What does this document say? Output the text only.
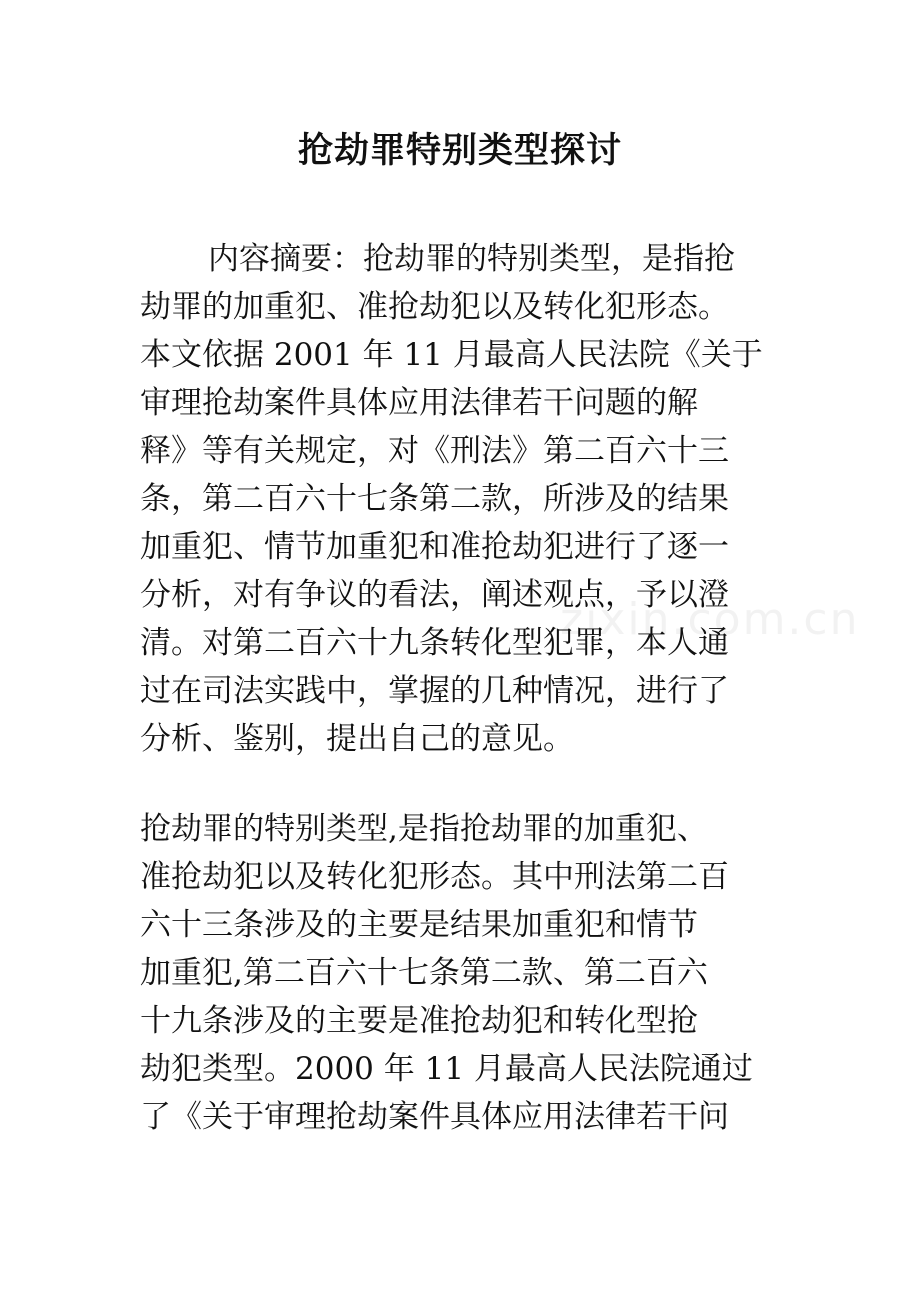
抢劫罪特别类型探讨
zixin.com.cn
内容摘要：抢劫罪的特别类型，是指抢
劫罪的加重犯、准抢劫犯以及转化犯形态。
本文依据 2001 年 11 月最高人民法院《关于
审理抢劫案件具体应用法律若干问题的解
释》等有关规定，对《刑法》第二百六十三
条，第二百六十七条第二款，所涉及的结果
加重犯、情节加重犯和准抢劫犯进行了逐一
分析，对有争议的看法，阐述观点，予以澄
清。对第二百六十九条转化型犯罪，本人通
过在司法实践中，掌握的几种情况，进行了
分析、鉴别，提出自己的意见。
抢劫罪的特别类型,是指抢劫罪的加重犯、
准抢劫犯以及转化犯形态。其中刑法第二百
六十三条涉及的主要是结果加重犯和情节
加重犯,第二百六十七条第二款、第二百六
十九条涉及的主要是准抢劫犯和转化型抢
劫犯类型。2000 年 11 月最高人民法院通过
了《关于审理抢劫案件具体应用法律若干问
